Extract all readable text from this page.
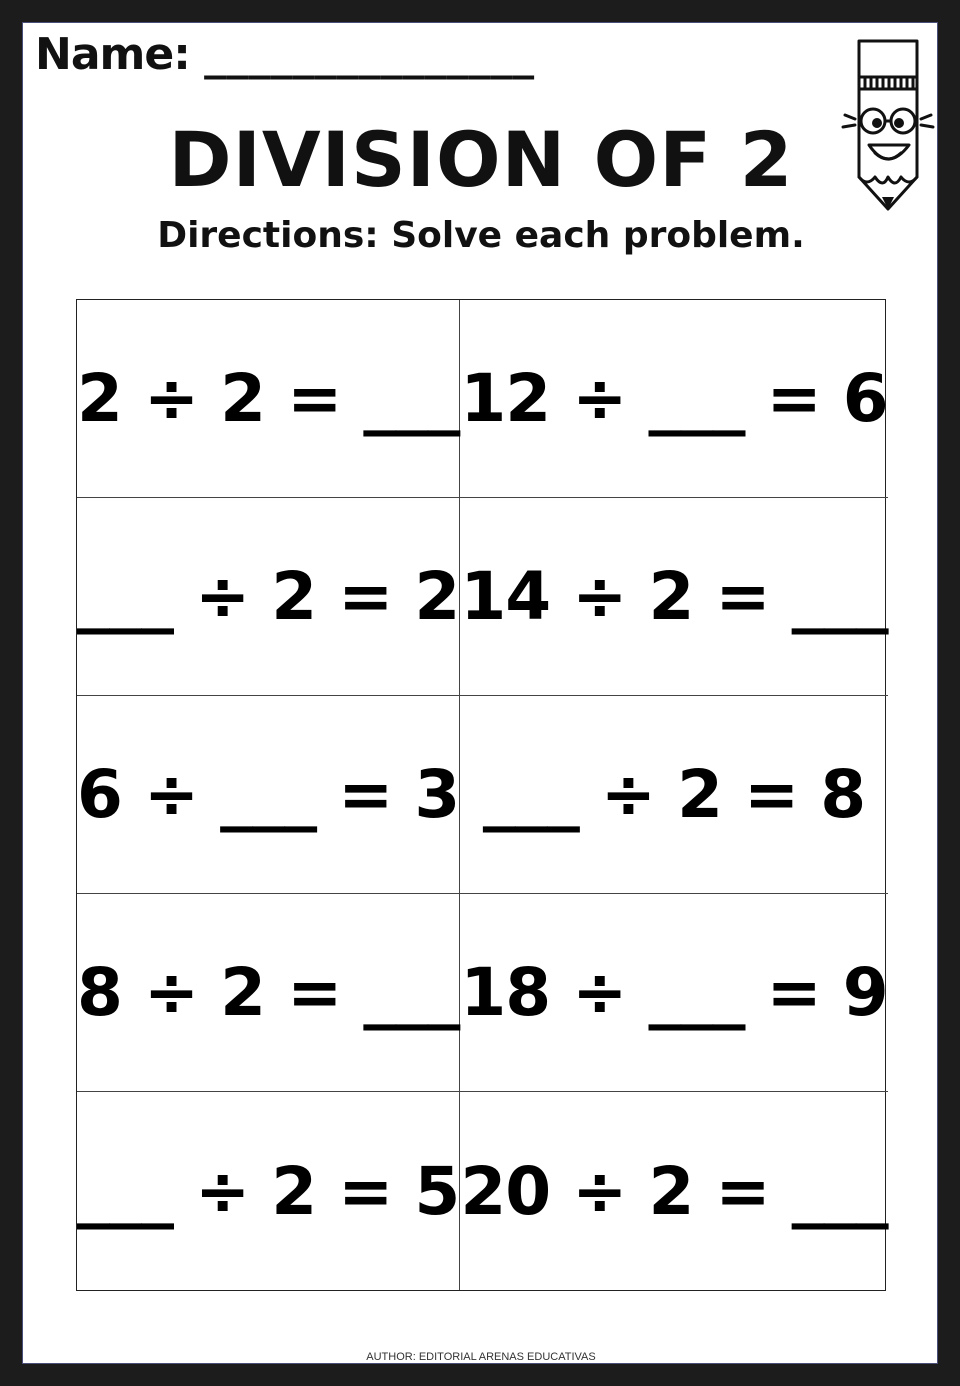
Name: _______________

DIVISION OF 2

Directions: Solve each problem.

2 ÷ 2 = ___ 12 ÷ ___ = 6
___ ÷ 2 = 2 14 ÷ 2 = ___
6 ÷ ___ = 3 ___ ÷ 2 = 8
8 ÷ 2 = ___ 18 ÷ ___ = 9
___ ÷ 2 = 5 20 ÷ 2 = ___

AUTHOR: EDITORIAL ARENAS EDUCATIVAS
